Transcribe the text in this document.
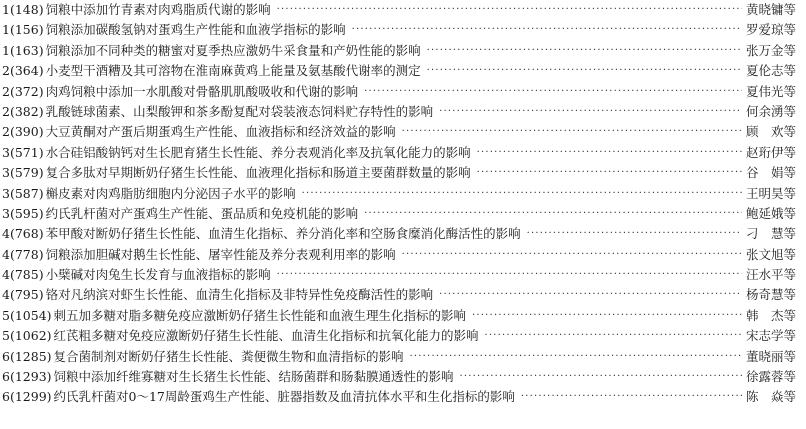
1(148) 饲粮中添加竹青素对肉鸡脂质代谢的影响 ·····	黄晓镛等
1(156) 饲粮添加碳酸氢钠对蛋鸡生产性能和血液学指标的影响 ·····	罗爱琼等
1(163) 饲粮添加不同种类的糖蜜对夏季热应激奶牛采食量和产奶性能的影响 ·····	张万金等
2(364) 小麦型干酒糟及其可溶物在淮南麻黄鸡上能量及氨基酸代谢率的测定 ·····	夏伦志等
2(372) 肉鸡饲粮中添加一水肌酸对骨骼肌肌酸吸收和代谢的影响 ·····	夏伟光等
2(382) 乳酸链球菌素、山梨酸钾和茶多酚复配对袋装液态饲料贮存特性的影响 ·····	何余湧等
2(390) 大豆黄酮对产蛋后期蛋鸡生产性能、血液指标和经济效益的影响 ·····	顾　欢等
3(571) 水合硅铝酸钠钙对生长肥育猪生长性能、养分表观消化率及抗氧化能力的影响 ·····	赵珩伊等
3(579) 复合多肽对早期断奶仔猪生长性能、血液理化指标和肠道主要菌群数量的影响 ·····	谷　娟等
3(587) 槲皮素对肉鸡脂肪细胞内分泌因子水平的影响 ·····	王明昊等
3(595) 约氏乳杆菌对产蛋鸡生产性能、蛋品质和免疫机能的影响 ·····	鲍延娥等
4(768) 苯甲酸对断奶仔猪生长性能、血清生化指标、养分消化率和空肠食糜消化酶活性的影响 ·····	刁　慧等
4(778) 饲粮添加胆碱对鹅生长性能、屠宰性能及养分表观利用率的影响 ·····	张文旭等
4(785) 小檗碱对肉兔生长发育与血液指标的影响 ·····	汪水平等
4(795) 铬对凡纳滨对虾生长性能、血清生化指标及非特异性免疫酶活性的影响 ·····	杨奇慧等
5(1054) 刺五加多糖对脂多糖免疫应激断奶仔猪生长性能和血液生理生化指标的影响 ·····	韩　杰等
5(1062) 红芪粗多糖对免疫应激断奶仔猪生长性能、血清生化指标和抗氧化能力的影响 ·····	宋志学等
6(1285) 复合菌制剂对断奶仔猪生长性能、粪便微生物和血清指标的影响 ·····	董晓丽等
6(1293) 饲粮中添加纤维寡糖对生长猪生长性能、结肠菌群和肠黏膜通透性的影响 ·····	徐露蓉等
6(1299) 约氏乳杆菌对0～17周龄蛋鸡生产性能、脏器指数及血清抗体水平和生化指标的影响 ·····	陈　焱等
